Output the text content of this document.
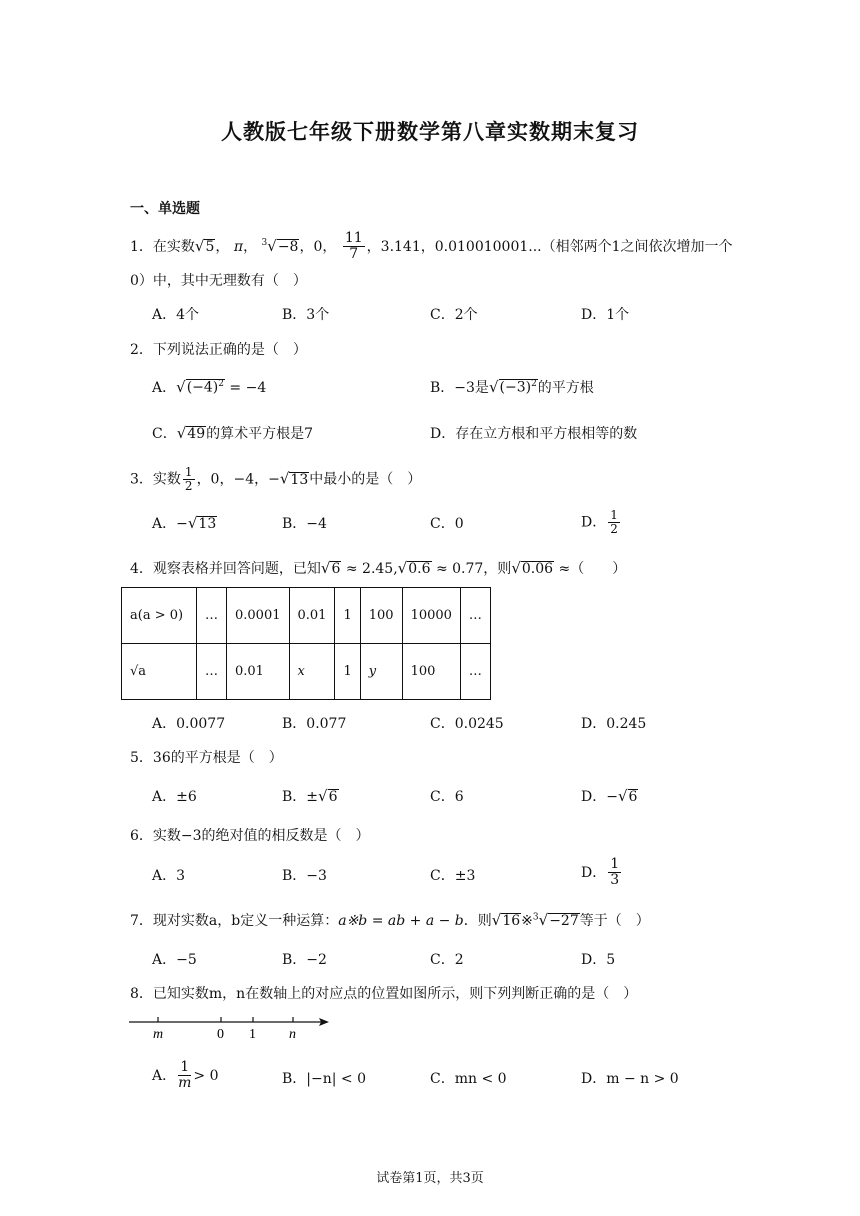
人教版七年级下册数学第八章实数期末复习
一、单选题
1．在实数√5， π， $^3$√−8，0， $\frac{11}{7}$ ，3.141，0.010010001...（相邻两个1之间依次增加一个
0）中，其中无理数有（　）
A．4个	B．3个	C．2个	D．1个
2．下列说法正确的是（　）
A．$√(-4)^2 = -4$	B．−3是$√(-3)^2$的平方根
C．√49的算术平方根是7	D．存在立方根和平方根相等的数
3．实数 $\frac{1}{2}$ ，0，−4，−√13中最小的是（　）
A．−√13	B．−4	C．0	D． $\frac{1}{2}$
4．观察表格并回答问题，已知√6 ≈ 2.45,√0.6 ≈ 0.77，则√0.06 ≈（　　）
a(a > 0)	…	0.0001	0.01	1	100	10000	…
√a	…	0.01	x	1	y	100	…
A．0.0077	B．0.077	C．0.0245	D．0.245
5．36的平方根是（　）
A．±6	B．±√6	C．6	D．−√6
6．实数−3的绝对值的相反数是（　）
A．3	B．−3	C．±3	D． $\frac{1}{3}$
7．现对实数a，b定义一种运算：a※b = ab + a − b．则√16※$^3$√−27等于（　）
A．−5	B．−2	C．2	D．5
8．已知实数m，n在数轴上的对应点的位置如图所示，则下列判断正确的是（　）
m	0 1 n
A． $\frac{1}{m} > 0$	B．|−n| < 0	C．mn < 0	D．m − n > 0
试卷第1页，共3页
